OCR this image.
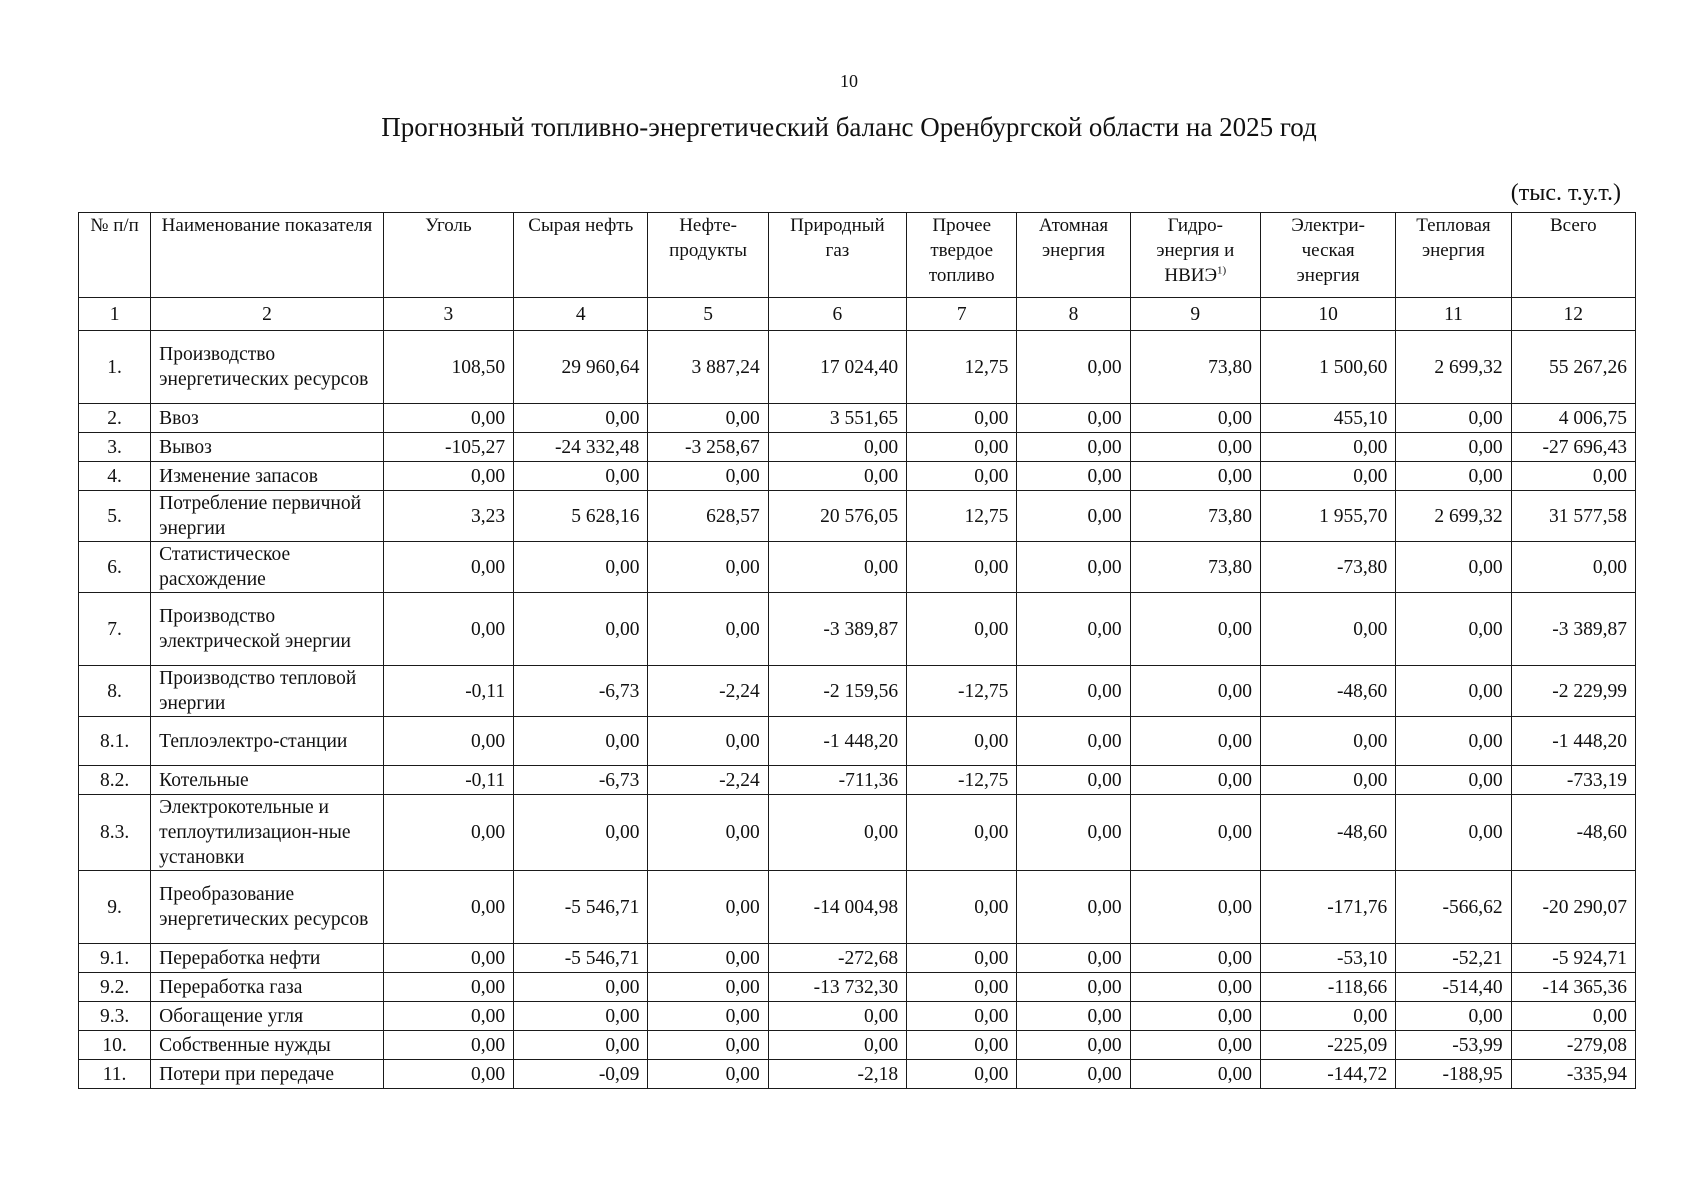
10
Прогнозный топливно-энергетический баланс Оренбургской области на 2025 год
(тыс. т.у.т.)
№ п/п	Наименование показателя	Уголь	Сырая нефть	Нефте-продукты	Природный газ	Прочее твердое топливо	Атомная энергия	Гидро-энергия и НВИЭ$^{1)}$	Электри-ческая энергия	Тепловая энергия	Всего
1	2	3	4	5	6	7	8	9	10	11	12
1.	Производство энергетических ресурсов	108,50	29 960,64	3 887,24	17 024,40	12,75	0,00	73,80	1 500,60	2 699,32	55 267,26
2.	Ввоз	0,00	0,00	0,00	3 551,65	0,00	0,00	0,00	455,10	0,00	4 006,75
3.	Вывоз	-105,27	-24 332,48	-3 258,67	0,00	0,00	0,00	0,00	0,00	0,00	-27 696,43
4.	Изменение запасов	0,00	0,00	0,00	0,00	0,00	0,00	0,00	0,00	0,00	0,00
5.	Потребление первичной энергии	3,23	5 628,16	628,57	20 576,05	12,75	0,00	73,80	1 955,70	2 699,32	31 577,58
6.	Статистическое расхождение	0,00	0,00	0,00	0,00	0,00	0,00	73,80	-73,80	0,00	0,00
7.	Производство электрической энергии	0,00	0,00	0,00	-3 389,87	0,00	0,00	0,00	0,00	0,00	-3 389,87
8.	Производство тепловой энергии	-0,11	-6,73	-2,24	-2 159,56	-12,75	0,00	0,00	-48,60	0,00	-2 229,99
8.1.	Теплоэлектро-станции	0,00	0,00	0,00	-1 448,20	0,00	0,00	0,00	0,00	0,00	-1 448,20
8.2.	Котельные	-0,11	-6,73	-2,24	-711,36	-12,75	0,00	0,00	0,00	0,00	-733,19
8.3.	Электрокотельные и теплоутилизацион-ные установки	0,00	0,00	0,00	0,00	0,00	0,00	0,00	-48,60	0,00	-48,60
9.	Преобразование энергетических ресурсов	0,00	-5 546,71	0,00	-14 004,98	0,00	0,00	0,00	-171,76	-566,62	-20 290,07
9.1.	Переработка нефти	0,00	-5 546,71	0,00	-272,68	0,00	0,00	0,00	-53,10	-52,21	-5 924,71
9.2.	Переработка газа	0,00	0,00	0,00	-13 732,30	0,00	0,00	0,00	-118,66	-514,40	-14 365,36
9.3.	Обогащение угля	0,00	0,00	0,00	0,00	0,00	0,00	0,00	0,00	0,00	0,00
10.	Собственные нужды	0,00	0,00	0,00	0,00	0,00	0,00	0,00	-225,09	-53,99	-279,08
11.	Потери при передаче	0,00	-0,09	0,00	-2,18	0,00	0,00	0,00	-144,72	-188,95	-335,94
